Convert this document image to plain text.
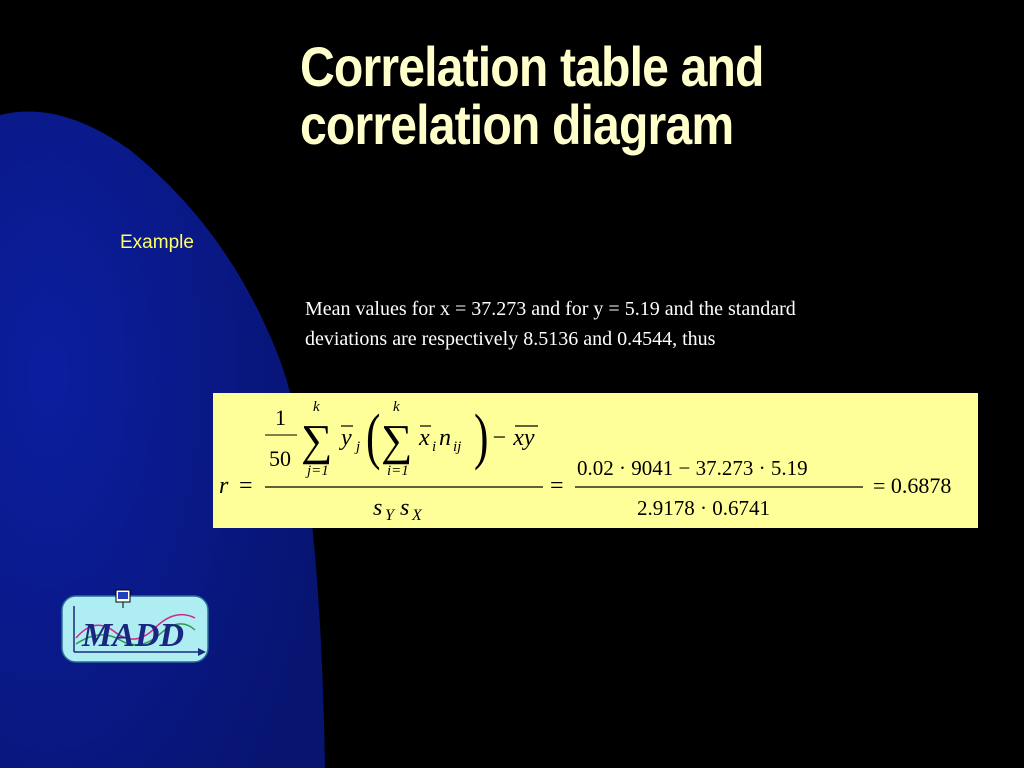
Correlation table and
correlation diagram
Example
Mean values for x = 37.273 and for y = 5.19 and the standard
deviations are respectively 8.5136 and 0.4544, thus
r =
1
50
k
∑
j=1
y j ( k
∑
i=1
x i n ij ) − xy
s Y s X
=
0.02 · 9041 − 37.273 · 5.19
2.9178 · 0.6741
= 0.6878
MADD
